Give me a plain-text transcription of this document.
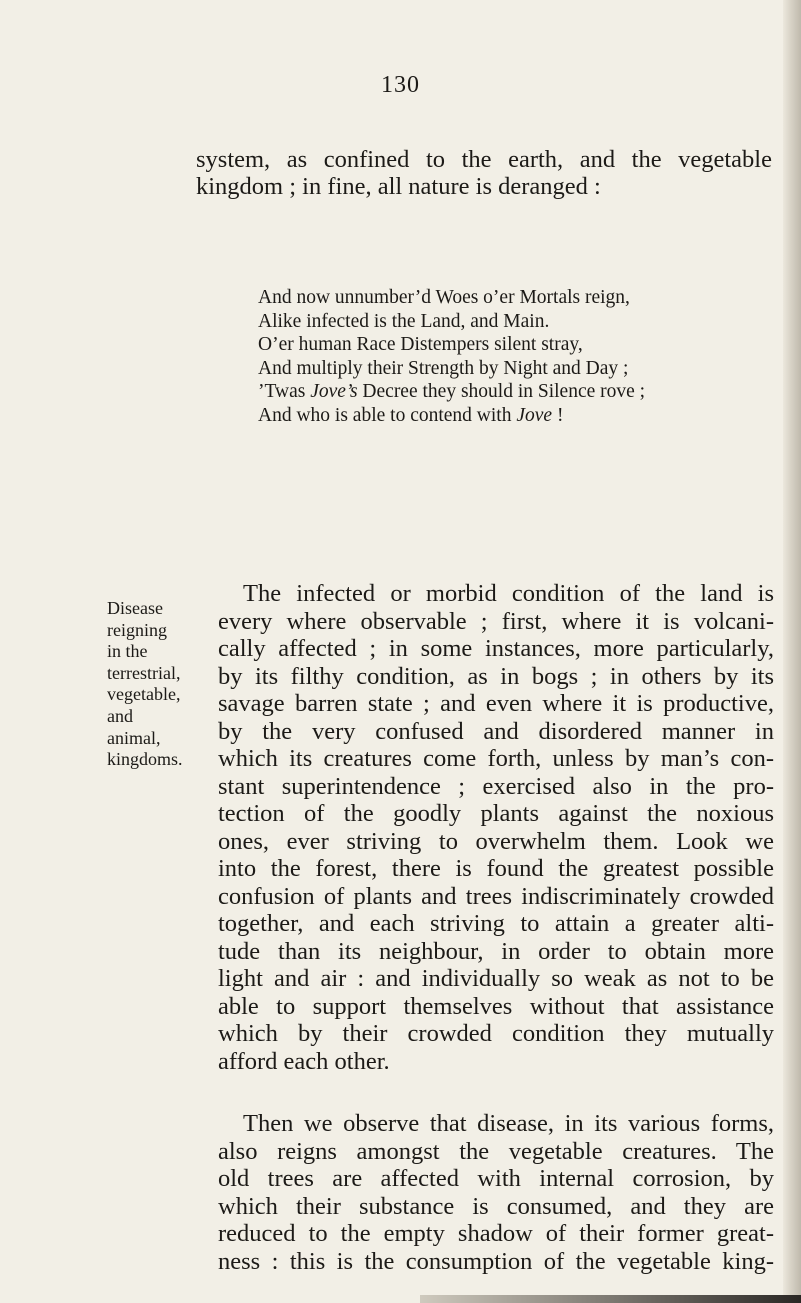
130
system, as confined to the earth, and the vegetable
kingdom ; in fine, all nature is deranged :
And now unnumber’d Woes o’er Mortals reign,
Alike infected is the Land, and Main.
O’er human Race Distempers silent stray,
And multiply their Strength by Night and Day ;
’Twas Jove’s Decree they should in Silence rove ;
And who is able to contend with Jove !
Disease
reigning
in the
terrestrial,
vegetable,
and
animal,
kingdoms.
The infected or morbid condition of the land is
every where observable ; first, where it is volcani-
cally affected ; in some instances, more particularly,
by its filthy condition, as in bogs ; in others by its
savage barren state ; and even where it is productive,
by the very confused and disordered manner in
which its creatures come forth, unless by man’s con-
stant superintendence ; exercised also in the pro-
tection of the goodly plants against the noxious
ones, ever striving to overwhelm them. Look we
into the forest, there is found the greatest possible
confusion of plants and trees indiscriminately crowded
together, and each striving to attain a greater alti-
tude than its neighbour, in order to obtain more
light and air : and individually so weak as not to be
able to support themselves without that assistance
which by their crowded condition they mutually
afford each other.
Then we observe that disease, in its various forms,
also reigns amongst the vegetable creatures. The
old trees are affected with internal corrosion, by
which their substance is consumed, and they are
reduced to the empty shadow of their former great-
ness : this is the consumption of the vegetable king-
